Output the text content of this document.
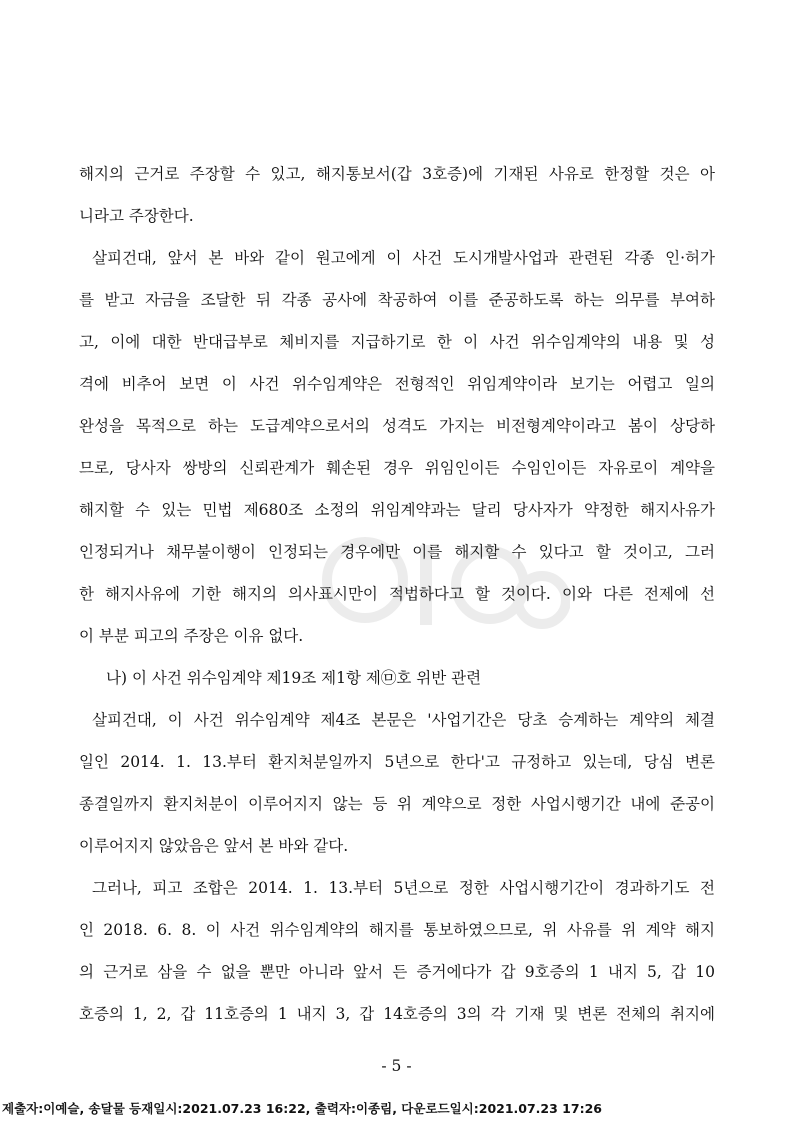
해지의 근거로 주장할 수 있고, 해지통보서(갑 3호증)에 기재된 사유로 한정할 것은 아
니라고 주장한다.
살피건대, 앞서 본 바와 같이 원고에게 이 사건 도시개발사업과 관련된 각종 인·허가
를 받고 자금을 조달한 뒤 각종 공사에 착공하여 이를 준공하도록 하는 의무를 부여하
고, 이에 대한 반대급부로 체비지를 지급하기로 한 이 사건 위수임계약의 내용 및 성
격에 비추어 보면 이 사건 위수임계약은 전형적인 위임계약이라 보기는 어렵고 일의
완성을 목적으로 하는 도급계약으로서의 성격도 가지는 비전형계약이라고 봄이 상당하
므로, 당사자 쌍방의 신뢰관계가 훼손된 경우 위임인이든 수임인이든 자유로이 계약을
해지할 수 있는 민법 제680조 소정의 위임계약과는 달리 당사자가 약정한 해지사유가
인정되거나 채무불이행이 인정되는 경우에만 이를 해지할 수 있다고 할 것이고, 그러
한 해지사유에 기한 해지의 의사표시만이 적법하다고 할 것이다. 이와 다른 전제에 선
이 부분 피고의 주장은 이유 없다.
나) 이 사건 위수임계약 제19조 제1항 제㉤호 위반 관련
살피건대, 이 사건 위수임계약 제4조 본문은 '사업기간은 당초 승계하는 계약의 체결
일인 2014. 1. 13.부터 환지처분일까지 5년으로 한다'고 규정하고 있는데, 당심 변론
종결일까지 환지처분이 이루어지지 않는 등 위 계약으로 정한 사업시행기간 내에 준공이
이루어지지 않았음은 앞서 본 바와 같다.
그러나, 피고 조합은 2014. 1. 13.부터 5년으로 정한 사업시행기간이 경과하기도 전
인 2018. 6. 8. 이 사건 위수임계약의 해지를 통보하였으므로, 위 사유를 위 계약 해지
의 근거로 삼을 수 없을 뿐만 아니라 앞서 든 증거에다가 갑 9호증의 1 내지 5, 갑 10
호증의 1, 2, 갑 11호증의 1 내지 3, 갑 14호증의 3의 각 기재 및 변론 전체의 취지에
- 5 -
제출자:이예슬, 송달물 등재일시:2021.07.23 16:22, 출력자:이종림, 다운로드일시:2021.07.23 17:26
